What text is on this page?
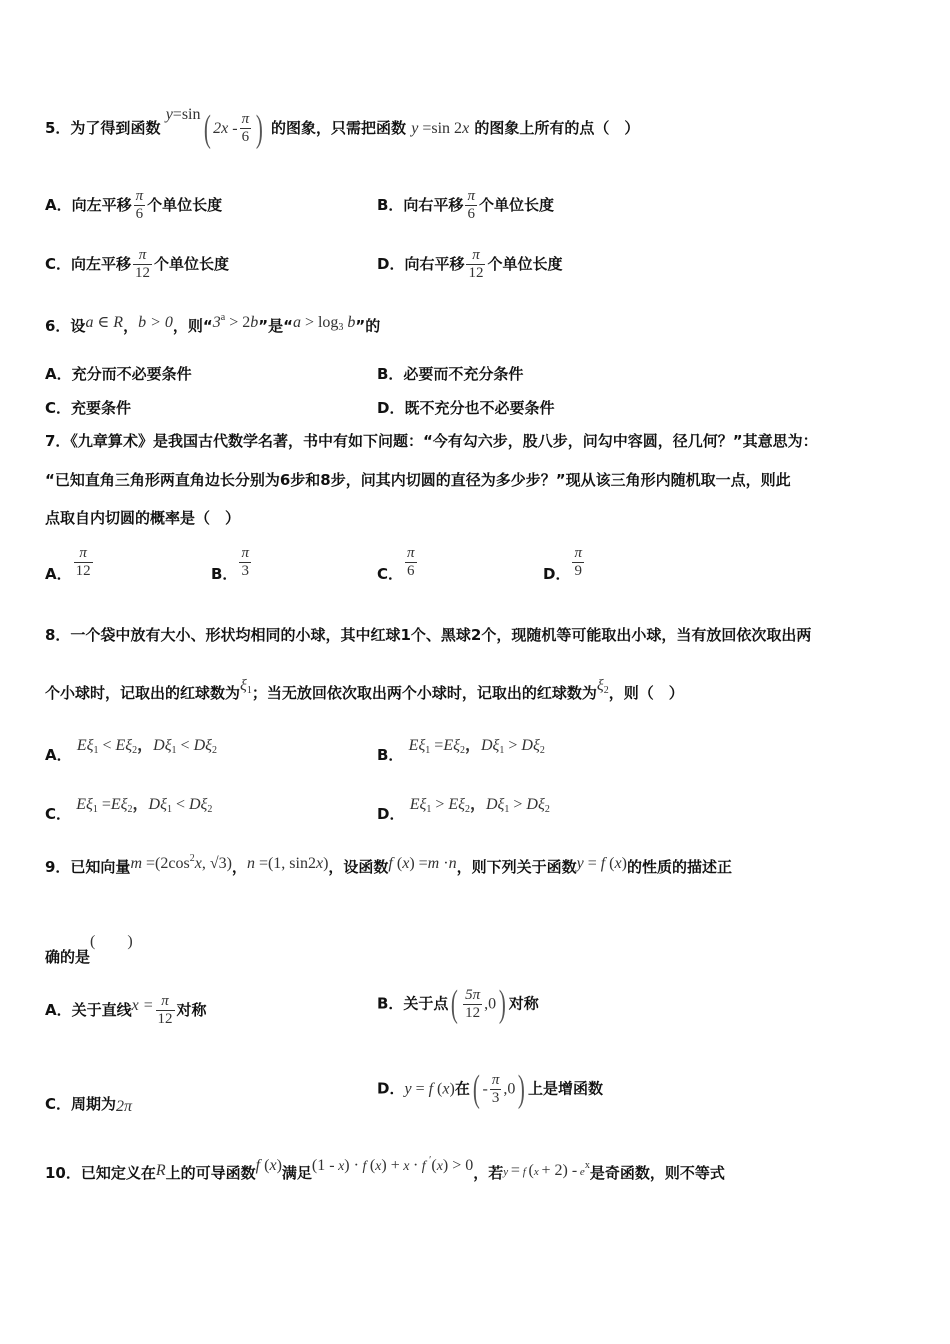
5．为了得到函数 y=sin( $2x - \frac{\pi}{6}$ ) 的图象，只需把函数 y =sin 2x 的图象上所有的点（　）
A．向左平移 $\frac{\pi}{6}$ 个单位长度	B．向右平移 $\frac{\pi}{6}$ 个单位长度
C．向左平移 $\frac{\pi}{12}$ 个单位长度	D．向右平移 $\frac{\pi}{12}$ 个单位长度
6．设a ∈ R，b > 0，则“$3^a > 2b$”是“$a > \log_3 b$”的
A．充分而不必要条件	B．必要而不充分条件
C．充要条件	D．既不充分也不必要条件
7．《九章算术》是我国古代数学名著，书中有如下问题：“今有勾六步，股八步，问勾中容圆，径几何？”其意思为：
“已知直角三角形两直角边长分别为6步和8步，问其内切圆的直径为多少步？”现从该三角形内随机取一点，则此
点取自内切圆的概率是（　）
A． $\frac{\pi}{12}$	B． $\frac{\pi}{3}$	C． $\frac{\pi}{6}$	D． $\frac{\pi}{9}$
8．一个袋中放有大小、形状均相同的小球，其中红球1个、黑球2个，现随机等可能取出小球，当有放回依次取出两
个小球时，记取出的红球数为$\xi_1$；当无放回依次取出两个小球时，记取出的红球数为$\xi_2$，则（　）
A． $E\xi_1 < E\xi_2$，$D\xi_1 < D\xi_2$	B． $E\xi_1 =E\xi_2$，$D\xi_1 > D\xi_2$
C． $E\xi_1 =E\xi_2$，$D\xi_1 < D\xi_2$	D． $E\xi_1 > E\xi_2$，$D\xi_1 > D\xi_2$
9．已知向量$m =(2\cos^2x$, √3)，n =(1, sin2x)，设函数f (x) =m ·n，则下列关于函数y = f (x)的性质的描述正
确的是(　　)
A．关于直线$x = \frac{\pi}{12}$ 对称	B．关于点( $\frac{5\pi}{12} ,0$) 对称
C．周期为2π
D．y = f (x)在( - $\frac{\pi}{3} ,0$) 上是增函数
10．已知定义在R上的可导函数f (x)满足(1 - x) · f (x) + x · f ′(x) > 0，若$^{y = f (x + 2) - ex}$是奇函数，则不等式
